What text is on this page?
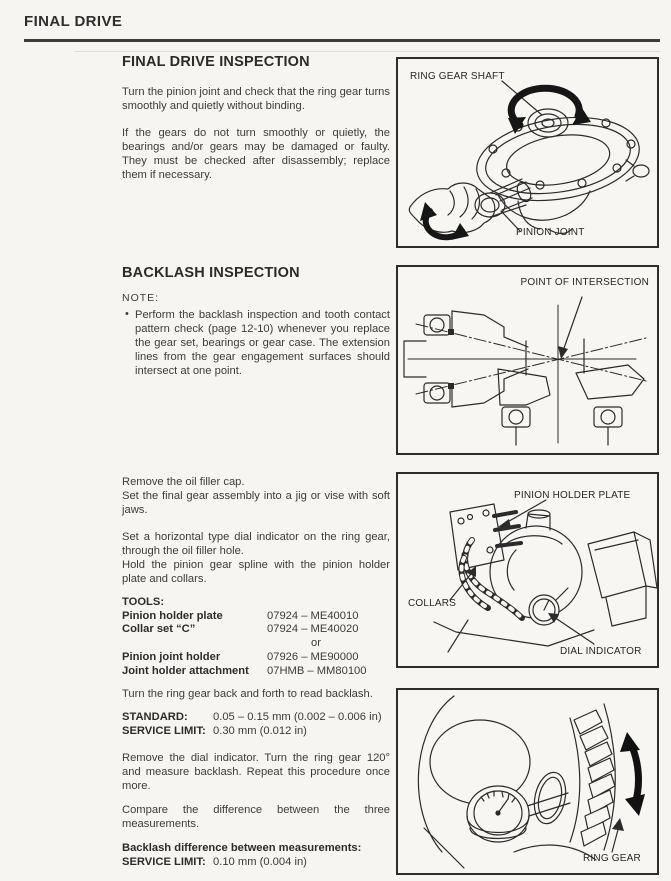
FINAL DRIVE
FINAL DRIVE INSPECTION
Turn the pinion joint and check that the ring gear turns smoothly and quietly without binding.
If the gears do not turn smoothly or quietly, the bearings and/or gears may be damaged or faulty. They must be checked after disassembly; replace them if necessary.
BACKLASH INSPECTION
NOTE:
• Perform the backlash inspection and tooth contact pattern check (page 12-10) whenever you replace the gear set, bearings or gear case. The extension lines from the gear engagement surfaces should intersect at one point.
Remove the oil filler cap.
Set the final gear assembly into a jig or vise with soft jaws.
Set a horizontal type dial indicator on the ring gear, through the oil filler hole.
Hold the pinion gear spline with the pinion holder plate and collars.
TOOLS:
Pinion holder plate	07924 – ME40010
Collar set “C”	07924 – ME40020
or
Pinion joint holder	07926 – ME90000
Joint holder attachment	07HMB – MM80100
Turn the ring gear back and forth to read backlash.
STANDARD:	0.05 – 0.15 mm (0.002 – 0.006 in)
SERVICE LIMIT: 0.30 mm (0.012 in)
Remove the dial indicator. Turn the ring gear 120° and measure backlash. Repeat this procedure once more.
Compare the difference between the three measurements.
Backlash difference between measurements:
SERVICE LIMIT: 0.10 mm (0.004 in)
RING GEAR SHAFT
PINION JOINT
POINT OF INTERSECTION
PINION HOLDER PLATE
COLLARS
DIAL INDICATOR
RING GEAR
